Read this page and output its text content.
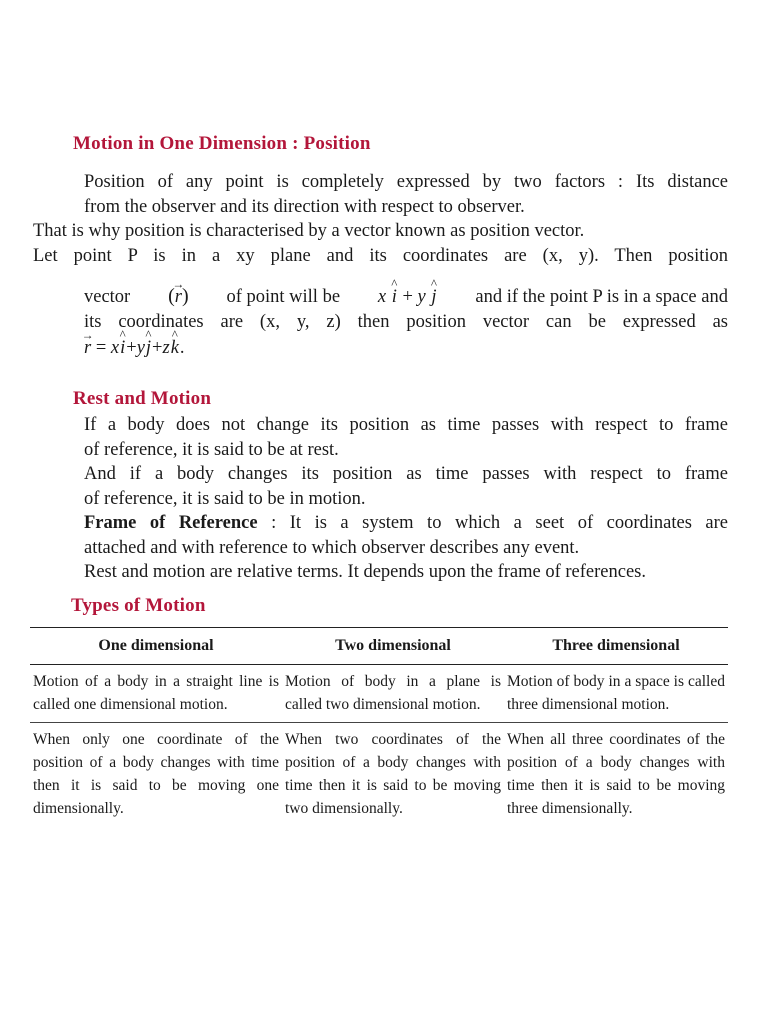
Motion in One Dimension : Position
Position of any point is completely expressed by two factors : Its distance
from the observer and its direction with respect to observer.
That is why position is characterised by a vector known as position vector.
Let point P is in a xy plane and its coordinates are (x, y). Then position
vector (→ r) of point will be x ^ i + y ^ j and if the point P is in a space and
its coordinates are (x, y, z) then position vector can be expressed as
→ r = x^ i+y^ j+z^ k.
Rest and Motion
If a body does not change its position as time passes with respect to frame
of reference, it is said to be at rest.
And if a body changes its position as time passes with respect to frame
of reference, it is said to be in motion.
Frame of Reference : It is a system to which a seet of coordinates are
attached and with reference to which observer describes any event.
Rest and motion are relative terms. It depends upon the frame of references.
Types of Motion
One dimensional	Two dimensional	Three dimensional
Motion of a body in a straight line is called one dimensional motion.	Motion of body in a plane is called two dimensional motion.	Motion of body in a space is called three dimensional motion.
When only one coordinate of the position of a body changes with time then it is said to be moving one dimensionally.	When two coordinates of the position of a body changes with time then it is said to be moving two dimensionally.	When all three coordinates of the position of a body changes with time then it is said to be moving three dimensionally.
